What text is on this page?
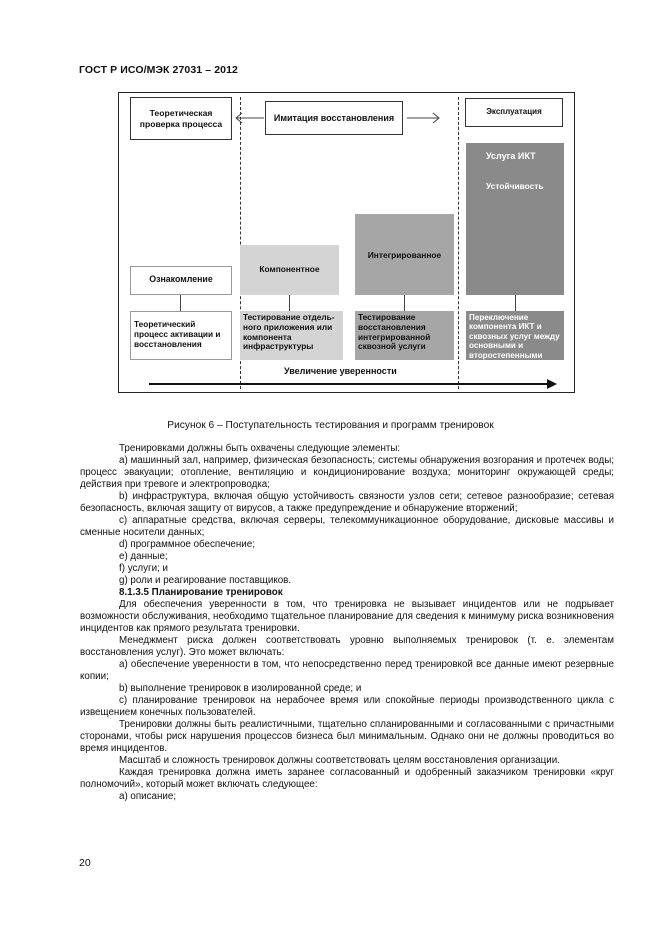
ГОСТ Р ИСО/МЭК 27031 – 2012
Теоретическая проверка процесса
Имитация восстановления
Эксплуатация
Ознакомление
Компонентное
Интегрированное
Услуга ИКТ
Устойчивость
Теоретический процесс активации и восстановления
Тестирование отдель-ного приложения или компонента инфраструктуры
Тестирование восстановления интегрированной сквозной услуги
Переключение компонента ИКТ и сквозных услуг между основными и второстепенными
Увеличение уверенности
Рисунок 6 – Поступательность тестирования и программ тренировок

Тренировками должны быть охвачены следующие элементы:

a) машинный зал, например, физическая безопасность; системы обнаружения возгорания и протечек воды; процесс эвакуации; отопление, вентиляцию и кондиционирование воздуха; мониторинг окружающей среды; действия при тревоге и электропроводка;

b) инфраструктура, включая общую устойчивость связности узлов сети; сетевое разнообразие; сетевая безопасность, включая защиту от вирусов, а также предупреждение и обнаружение вторжений;

c) аппаратные средства, включая серверы, телекоммуникационное оборудование, дисковые массивы и сменные носители данных;

d) программное обеспечение;

e) данные;

f) услуги; и

g) роли и реагирование поставщиков.

8.1.3.5 Планирование тренировок

Для обеспечения уверенности в том, что тренировка не вызывает инцидентов или не подрывает возможности обслуживания, необходимо тщательное планирование для сведения к минимуму риска возникновения инцидентов как прямого результата тренировки.

Менеджмент риска должен соответствовать уровню выполняемых тренировок (т. е. элементам восстановления услуг). Это может включать:

a) обеспечение уверенности в том, что непосредственно перед тренировкой все данные имеют резервные копии;

b) выполнение тренировок в изолированной среде; и

c) планирование тренировок на нерабочее время или спокойные периоды производственного цикла с извещением конечных пользователей.

Тренировки должны быть реалистичными, тщательно спланированными и согласованными с причастными сторонами, чтобы риск нарушения процессов бизнеса был минимальным. Однако они не должны проводиться во время инцидентов.

Масштаб и сложность тренировок должны соответствовать целям восстановления организации.

Каждая тренировка должна иметь заранее согласованный и одобренный заказчиком тренировки «круг полномочий», который может включать следующее:

a) описание;

20
